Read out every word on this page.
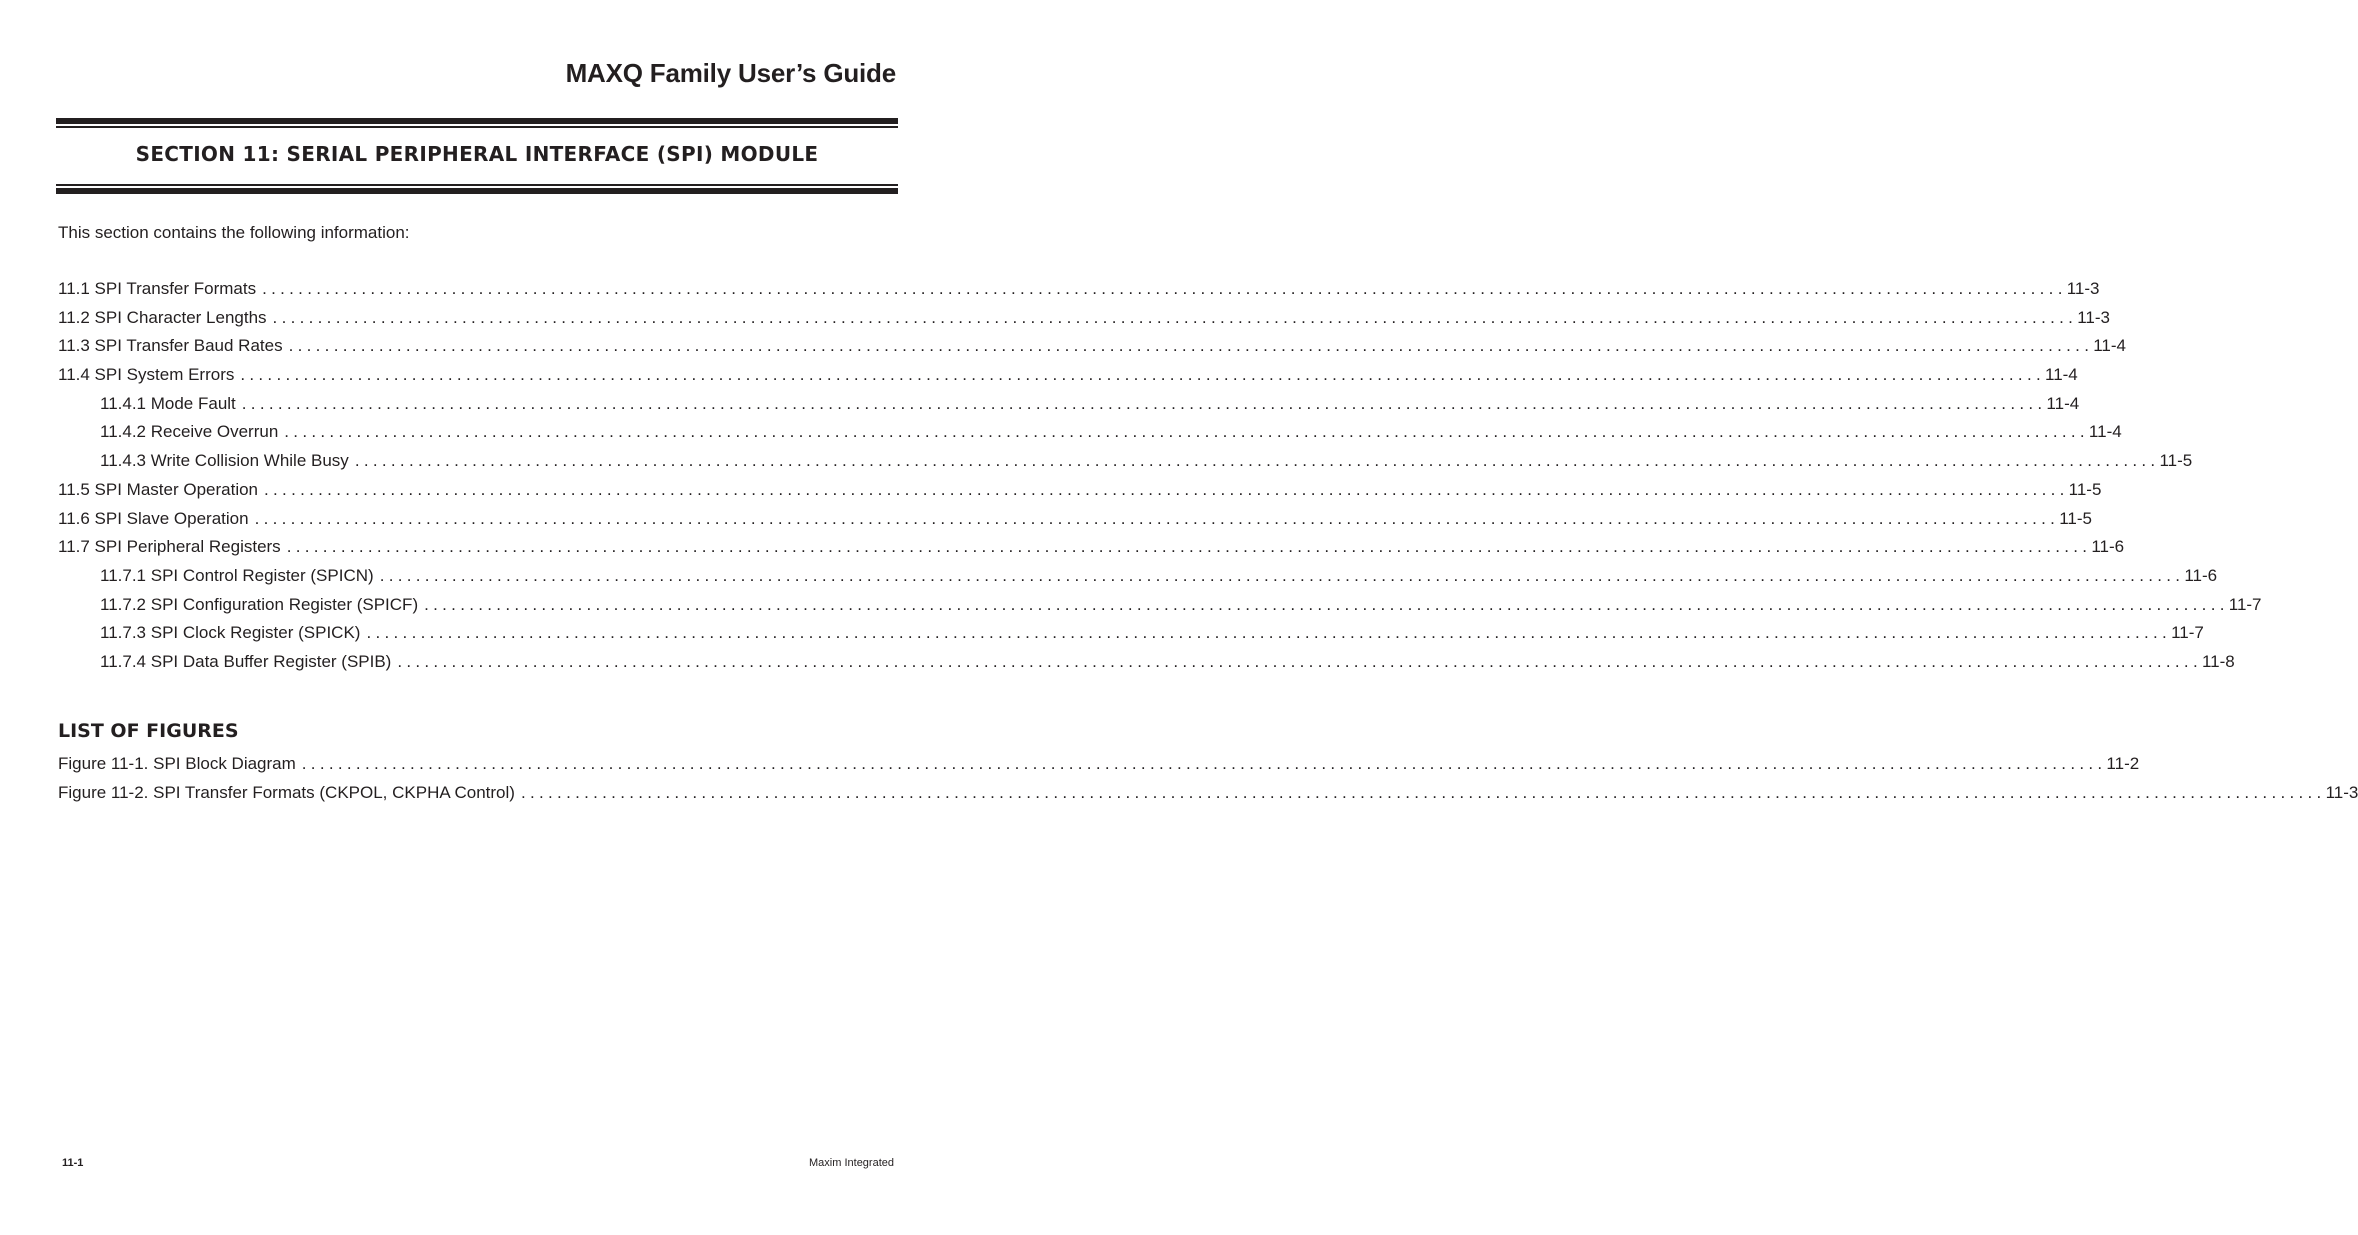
MAXQ Family User’s Guide
SECTION 11: SERIAL PERIPHERAL INTERFACE (SPI) MODULE
This section contains the following information:
11.1 SPI Transfer Formats ........................................................................................................................................................................................................ 11-3
11.2 SPI Character Lengths ........................................................................................................................................................................................................ 11-3
11.3 SPI Transfer Baud Rates ........................................................................................................................................................................................................ 11-4
11.4 SPI System Errors ........................................................................................................................................................................................................ 11-4
11.4.1 Mode Fault ........................................................................................................................................................................................................ 11-4
11.4.2 Receive Overrun ........................................................................................................................................................................................................ 11-4
11.4.3 Write Collision While Busy ........................................................................................................................................................................................................ 11-5
11.5 SPI Master Operation ........................................................................................................................................................................................................ 11-5
11.6 SPI Slave Operation ........................................................................................................................................................................................................ 11-5
11.7 SPI Peripheral Registers ........................................................................................................................................................................................................ 11-6
11.7.1 SPI Control Register (SPICN) ........................................................................................................................................................................................................ 11-6
11.7.2 SPI Configuration Register (SPICF) ........................................................................................................................................................................................................ 11-7
11.7.3 SPI Clock Register (SPICK) ........................................................................................................................................................................................................ 11-7
11.7.4 SPI Data Buffer Register (SPIB) ........................................................................................................................................................................................................ 11-8
LIST OF FIGURES
Figure 11-1. SPI Block Diagram ........................................................................................................................................................................................................ 11-2
Figure 11-2. SPI Transfer Formats (CKPOL, CKPHA Control) ........................................................................................................................................................................................................ 11-3
11-1	Maxim Integrated
